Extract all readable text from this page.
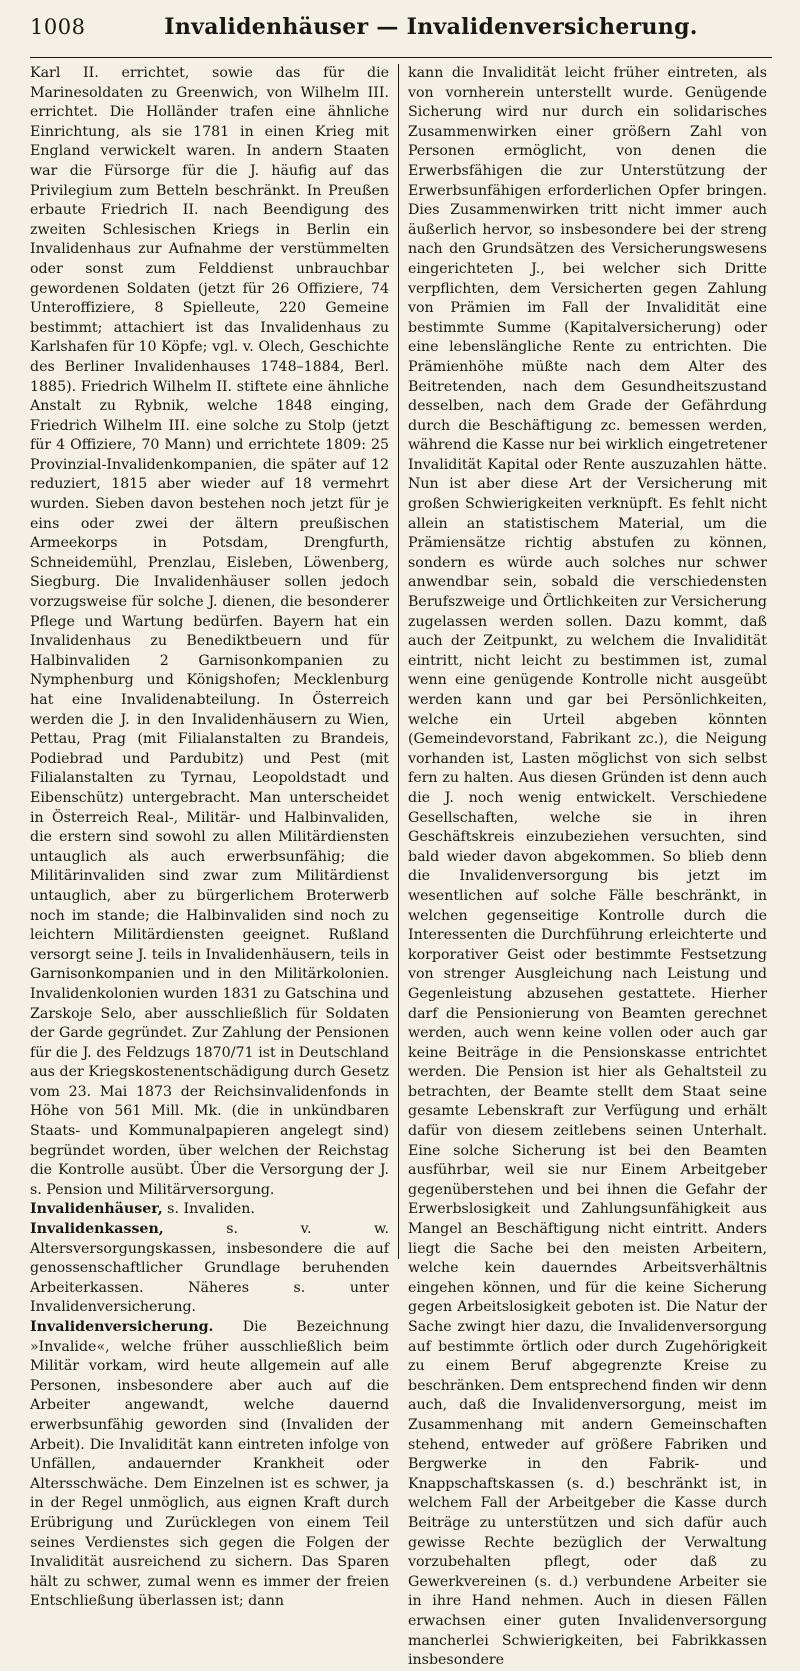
1008	Invalidenhäuser — Invalidenversicherung.

Karl II. errichtet, sowie das für die Marinesoldaten zu Greenwich, von Wilhelm III. errichtet. Die Holländer trafen eine ähnliche Einrichtung, als sie 1781 in einen Krieg mit England verwickelt waren. In andern Staaten war die Fürsorge für die J. häufig auf das Privilegium zum Betteln beschränkt. In Preußen erbaute Friedrich II. nach Beendigung des zweiten Schlesischen Kriegs in Berlin ein Invalidenhaus zur Aufnahme der verstümmelten oder sonst zum Felddienst unbrauchbar gewordenen Soldaten (jetzt für 26 Offiziere, 74 Unteroffiziere, 8 Spielleute, 220 Gemeine bestimmt; attachiert ist das Invalidenhaus zu Karlshafen für 10 Köpfe; vgl. v. Olech, Geschichte des Berliner Invalidenhauses 1748–1884, Berl. 1885). Friedrich Wilhelm II. stiftete eine ähnliche Anstalt zu Rybnik, welche 1848 einging, Friedrich Wilhelm III. eine solche zu Stolp (jetzt für 4 Offiziere, 70 Mann) und errichtete 1809: 25 Provinzial-Invalidenkompanien, die später auf 12 reduziert, 1815 aber wieder auf 18 vermehrt wurden. Sieben davon bestehen noch jetzt für je eins oder zwei der ältern preußischen Armeekorps in Potsdam, Drengfurth, Schneidemühl, Prenzlau, Eisleben, Löwenberg, Siegburg. Die Invalidenhäuser sollen jedoch vorzugsweise für solche J. dienen, die besonderer Pflege und Wartung bedürfen. Bayern hat ein Invalidenhaus zu Benediktbeuern und für Halbinvaliden 2 Garnisonkompanien zu Nymphenburg und Königshofen; Mecklenburg hat eine Invalidenabteilung. In Österreich werden die J. in den Invalidenhäusern zu Wien, Pettau, Prag (mit Filialanstalten zu Brandeis, Podiebrad und Pardubitz) und Pest (mit Filialanstalten zu Tyrnau, Leopoldstadt und Eibenschütz) untergebracht. Man unterscheidet in Österreich Real-, Militär- und Halbinvaliden, die erstern sind sowohl zu allen Militärdiensten untauglich als auch erwerbsunfähig; die Militärinvaliden sind zwar zum Militärdienst untauglich, aber zu bürgerlichem Broterwerb noch im stande; die Halbinvaliden sind noch zu leichtern Militärdiensten geeignet. Rußland versorgt seine J. teils in Invalidenhäusern, teils in Garnisonkompanien und in den Militärkolonien. Invalidenkolonien wurden 1831 zu Gatschina und Zarskoje Selo, aber ausschließlich für Soldaten der Garde gegründet. Zur Zahlung der Pensionen für die J. des Feldzugs 1870/71 ist in Deutschland aus der Kriegskostenentschädigung durch Gesetz vom 23. Mai 1873 der Reichsinvalidenfonds in Höhe von 561 Mill. Mk. (die in unkündbaren Staats- und Kommunalpapieren angelegt sind) begründet worden, über welchen der Reichstag die Kontrolle ausübt. Über die Versorgung der J. s. Pension und Militärversorgung.

Invalidenhäuser, s. Invaliden.

Invalidenkassen, s. v. w. Altersversorgungskassen, insbesondere die auf genossenschaftlicher Grundlage beruhenden Arbeiterkassen. Näheres s. unter Invalidenversicherung.

Invalidenversicherung. Die Bezeichnung »Invalide«, welche früher ausschließlich beim Militär vorkam, wird heute allgemein auf alle Personen, insbesondere aber auch auf die Arbeiter angewandt, welche dauernd erwerbsunfähig geworden sind (Invaliden der Arbeit). Die Invalidität kann eintreten infolge von Unfällen, andauernder Krankheit oder Altersschwäche. Dem Einzelnen ist es schwer, ja in der Regel unmöglich, aus eignen Kraft durch Erübrigung und Zurücklegen von einem Teil seines Verdienstes sich gegen die Folgen der Invalidität ausreichend zu sichern. Das Sparen hält zu schwer, zumal wenn es immer der freien Entschließung überlassen ist; dann

kann die Invalidität leicht früher eintreten, als von vornherein unterstellt wurde. Genügende Sicherung wird nur durch ein solidarisches Zusammenwirken einer größern Zahl von Personen ermöglicht, von denen die Erwerbsfähigen die zur Unterstützung der Erwerbsunfähigen erforderlichen Opfer bringen. Dies Zusammenwirken tritt nicht immer auch äußerlich hervor, so insbesondere bei der streng nach den Grundsätzen des Versicherungswesens eingerichteten J., bei welcher sich Dritte verpflichten, dem Versicherten gegen Zahlung von Prämien im Fall der Invalidität eine bestimmte Summe (Kapitalversicherung) oder eine lebenslängliche Rente zu entrichten. Die Prämienhöhe müßte nach dem Alter des Beitretenden, nach dem Gesundheitszustand desselben, nach dem Grade der Gefährdung durch die Beschäftigung zc. bemessen werden, während die Kasse nur bei wirklich eingetretener Invalidität Kapital oder Rente auszuzahlen hätte. Nun ist aber diese Art der Versicherung mit großen Schwierigkeiten verknüpft. Es fehlt nicht allein an statistischem Material, um die Prämiensätze richtig abstufen zu können, sondern es würde auch solches nur schwer anwendbar sein, sobald die verschiedensten Berufszweige und Örtlichkeiten zur Versicherung zugelassen werden sollen. Dazu kommt, daß auch der Zeitpunkt, zu welchem die Invalidität eintritt, nicht leicht zu bestimmen ist, zumal wenn eine genügende Kontrolle nicht ausgeübt werden kann und gar bei Persönlichkeiten, welche ein Urteil abgeben könnten (Gemeindevorstand, Fabrikant zc.), die Neigung vorhanden ist, Lasten möglichst von sich selbst fern zu halten. Aus diesen Gründen ist denn auch die J. noch wenig entwickelt. Verschiedene Gesellschaften, welche sie in ihren Geschäftskreis einzubeziehen versuchten, sind bald wieder davon abgekommen. So blieb denn die Invalidenversorgung bis jetzt im wesentlichen auf solche Fälle beschränkt, in welchen gegenseitige Kontrolle durch die Interessenten die Durchführung erleichterte und korporativer Geist oder bestimmte Festsetzung von strenger Ausgleichung nach Leistung und Gegenleistung abzusehen gestattete. Hierher darf die Pensionierung von Beamten gerechnet werden, auch wenn keine vollen oder auch gar keine Beiträge in die Pensionskasse entrichtet werden. Die Pension ist hier als Gehaltsteil zu betrachten, der Beamte stellt dem Staat seine gesamte Lebenskraft zur Verfügung und erhält dafür von diesem zeitlebens seinen Unterhalt. Eine solche Sicherung ist bei den Beamten ausführbar, weil sie nur Einem Arbeitgeber gegenüberstehen und bei ihnen die Gefahr der Erwerbslosigkeit und Zahlungsunfähigkeit aus Mangel an Beschäftigung nicht eintritt. Anders liegt die Sache bei den meisten Arbeitern, welche kein dauerndes Arbeitsverhältnis eingehen können, und für die keine Sicherung gegen Arbeitslosigkeit geboten ist. Die Natur der Sache zwingt hier dazu, die Invalidenversorgung auf bestimmte örtlich oder durch Zugehörigkeit zu einem Beruf abgegrenzte Kreise zu beschränken. Dem entsprechend finden wir denn auch, daß die Invalidenversorgung, meist im Zusammenhang mit andern Gemeinschaften stehend, entweder auf größere Fabriken und Bergwerke in den Fabrik- und Knappschaftskassen (s. d.) beschränkt ist, in welchem Fall der Arbeitgeber die Kasse durch Beiträge zu unterstützen und sich dafür auch gewisse Rechte bezüglich der Verwaltung vorzubehalten pflegt, oder daß zu Gewerkvereinen (s. d.) verbundene Arbeiter sie in ihre Hand nehmen. Auch in diesen Fällen erwachsen einer guten Invalidenversorgung mancherlei Schwierigkeiten, bei Fabrikkassen insbesondere
